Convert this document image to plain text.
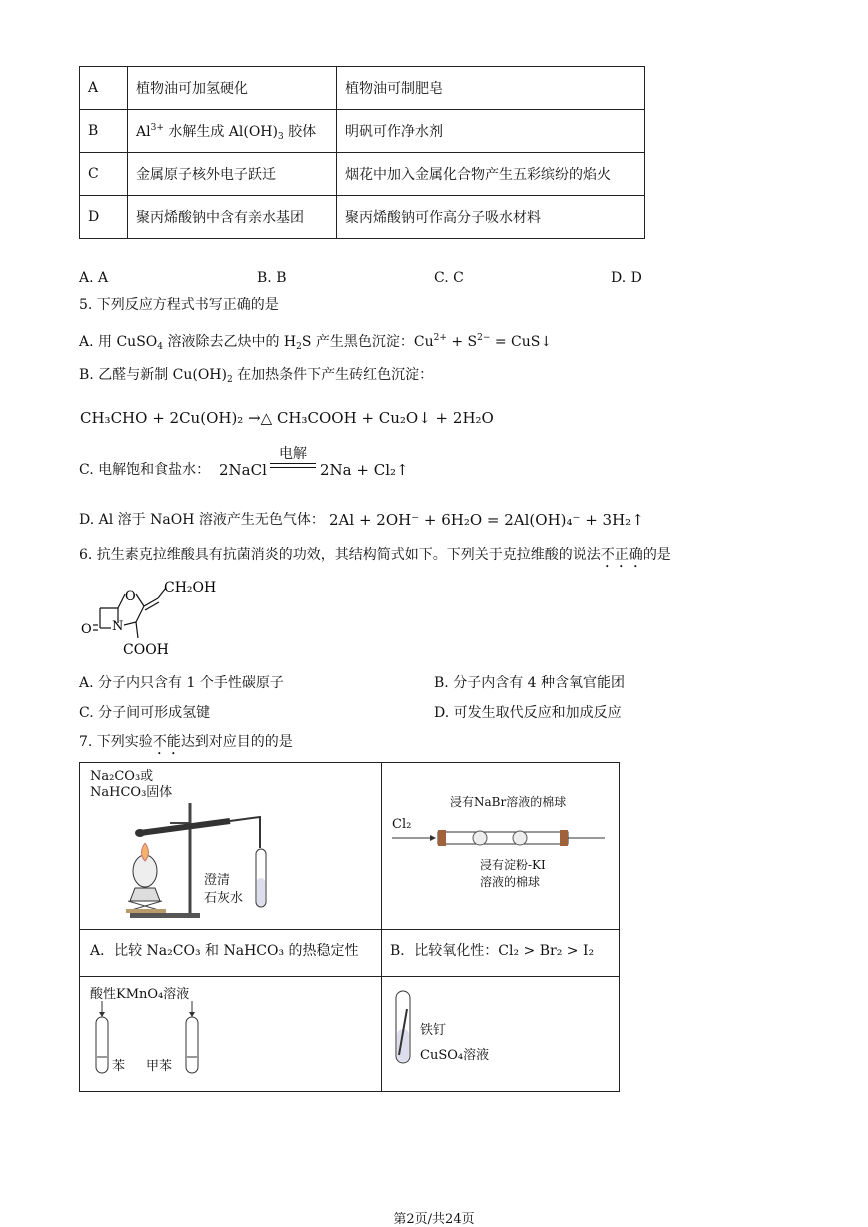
A	植物油可加氢硬化	植物油可制肥皂
B	$Al^{3+}$ 水解生成 $Al(OH)_3$ 胶体	明矾可作净水剂
C	金属原子核外电子跃迁	烟花中加入金属化合物产生五彩缤纷的焰火
D	聚丙烯酸钠中含有亲水基团	聚丙烯酸钠可作高分子吸水材料
A. A	B. B	C. C	D. D
5. 下列反应方程式书写正确的是
A. 用 CuSO$_4$ 溶液除去乙炔中的 $H_2S$ 产生黑色沉淀：$Cu^{2+} + S^{2-}$ = CuS↓
B. 乙醛与新制 $Cu(OH)_2$ 在加热条件下产生砖红色沉淀：
CH₃CHO + 2Cu(OH)₂ →△ CH₃COOH + Cu₂O↓ + 2H₂O
C. 电解饱和食盐水： 2NaCl
电解
2Na + Cl₂↑
D. Al 溶于 NaOH 溶液产生无色气体： 2Al + 2OH⁻ + 6H₂O = 2Al(OH)₄⁻ + 3H₂↑
6. 抗生素克拉维酸具有抗菌消炎的功效，其结构简式如下。下列关于克拉维酸的说法不正确的是
CH₂OH
O
N
O
COOH
A. 分子内只含有 1 个手性碳原子	B. 分子内含有 4 种含氧官能团
C. 分子间可形成氢键	D. 可发生取代反应和加成反应
7. 下列实验不能达到对应目的的是
Na₂CO₃或
NaHCO₃固体
澄清
石灰水
Cl₂
浸有NaBr溶液的棉球
浸有淀粉-KI
溶液的棉球
A．比较 Na₂CO₃ 和 NaHCO₃ 的热稳定性 B．比较氧化性：Cl₂ > Br₂ > I₂
酸性KMnO₄溶液
苯 甲苯
铁钉
CuSO₄溶液
第2页/共24页
